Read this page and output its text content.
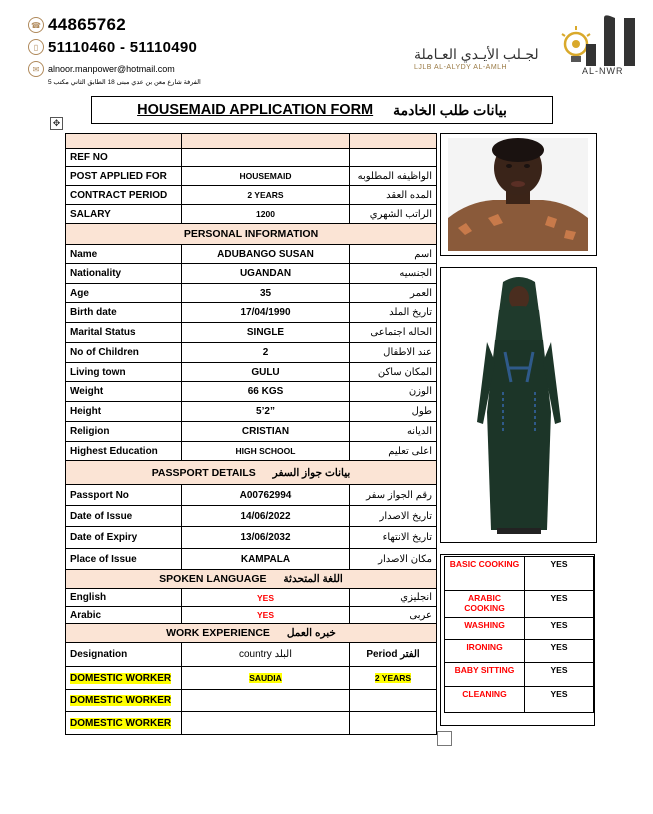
☎ 44865762
▯ 51110460 - 51110490
✉ alnoor.manpower@hotmail.com
الفرفة شارع معن بن عدي مبنى 18 الطابق الثاني مكتب 5
لجـلب الأيـدي العـاملة
LJLB AL-ALYDY AL-AMLH	AL-NWR
✥
HOUSEMAID APPLICATION FORM بيانات طلب الخادمة

REF NO		
POST APPLIED FOR	HOUSEMAID	الواظيفه المطلوبه
CONTRACT PERIOD	2 YEARS	المده العقد
SALARY	1200	الراتب الشهري
PERSONAL INFORMATION		
Name	ADUBANGO SUSAN	اسم
Nationality	UGANDAN	الجنسيه
Age	35	العمر
Birth date	17/04/1990	تاريخ الملد
Marital Status	SINGLE	الحاله اجتماعى
No of Children	2	عند الاطفال
Living town	GULU	المكان ساكن
Weight	66 KGS	الوزن
Height	5’2”	طول
Religion	CRISTIAN	الديانه
Highest Education	HIGH SCHOOL	اعلى تعليم
PASSPORT DETAILS بيانات جواز السفر		
Passport No	A00762994	رقم الجواز سفر
Date of Issue	14/06/2022	تاريخ الاصدار
Date of Expiry	13/06/2032	تاريخ الانتهاء
Place of Issue	KAMPALA	مكان الاصدار
SPOKEN LANGUAGE اللغة المتحدثة		
English	YES	انجليزي
Arabic	YES	عربى
WORK EXPERIENCE خبره العمل		
Designation	country البلد	Period الفتر
DOMESTIC WORKER	SAUDIA	2 YEARS
DOMESTIC WORKER		
DOMESTIC WORKER		
BASIC COOKING	YES
ARABIC COOKING	YES
WASHING	YES
IRONING	YES
BABY SITTING	YES
CLEANING	YES
